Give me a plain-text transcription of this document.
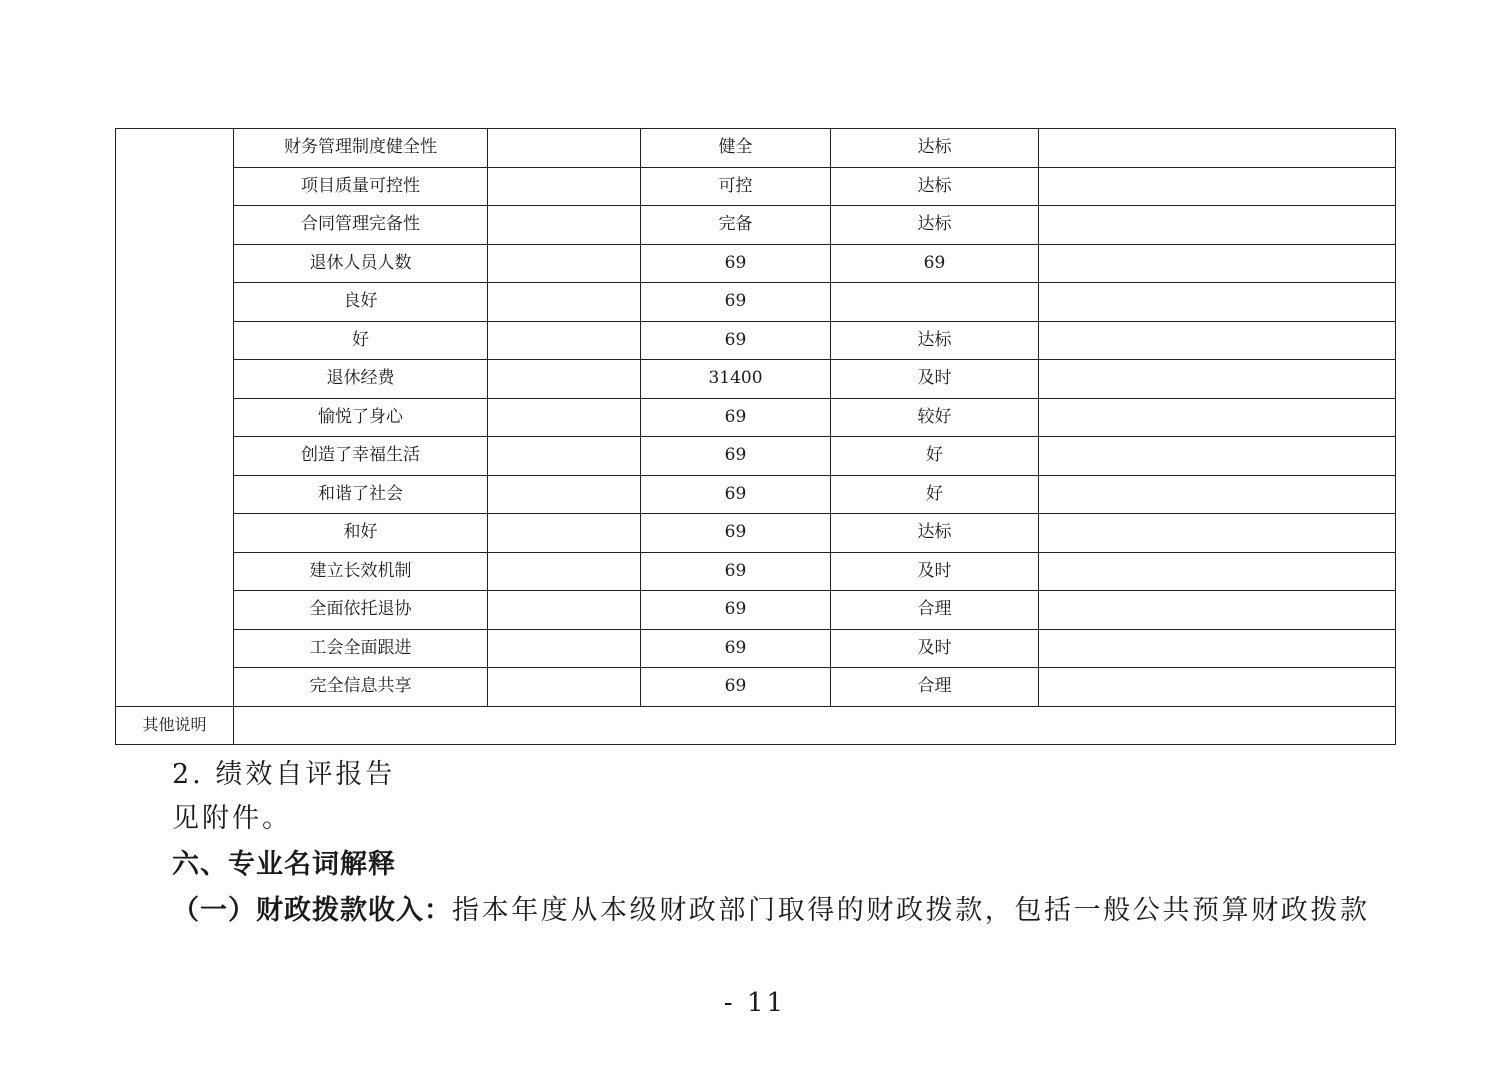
	财务管理制度健全性		健全	达标	
	项目质量可控性		可控	达标	
	合同管理完备性		完备	达标	
	退休人员人数		69	69	
	良好		69		
	好		69	达标	
	退休经费		31400	及时	
	愉悦了身心		69	较好	
	创造了幸福生活		69	好	
	和谐了社会		69	好	
	和好		69	达标	
	建立长效机制		69	及时	
	全面依托退协		69	合理	
	工会全面跟进		69	及时	
	完全信息共享		69	合理	
其他说明					
2. 绩效自评报告
见附件。
六、专业名词解释
（一）财政拨款收入：指本年度从本级财政部门取得的财政拨款，包括一般公共预算财政拨款
- 11
